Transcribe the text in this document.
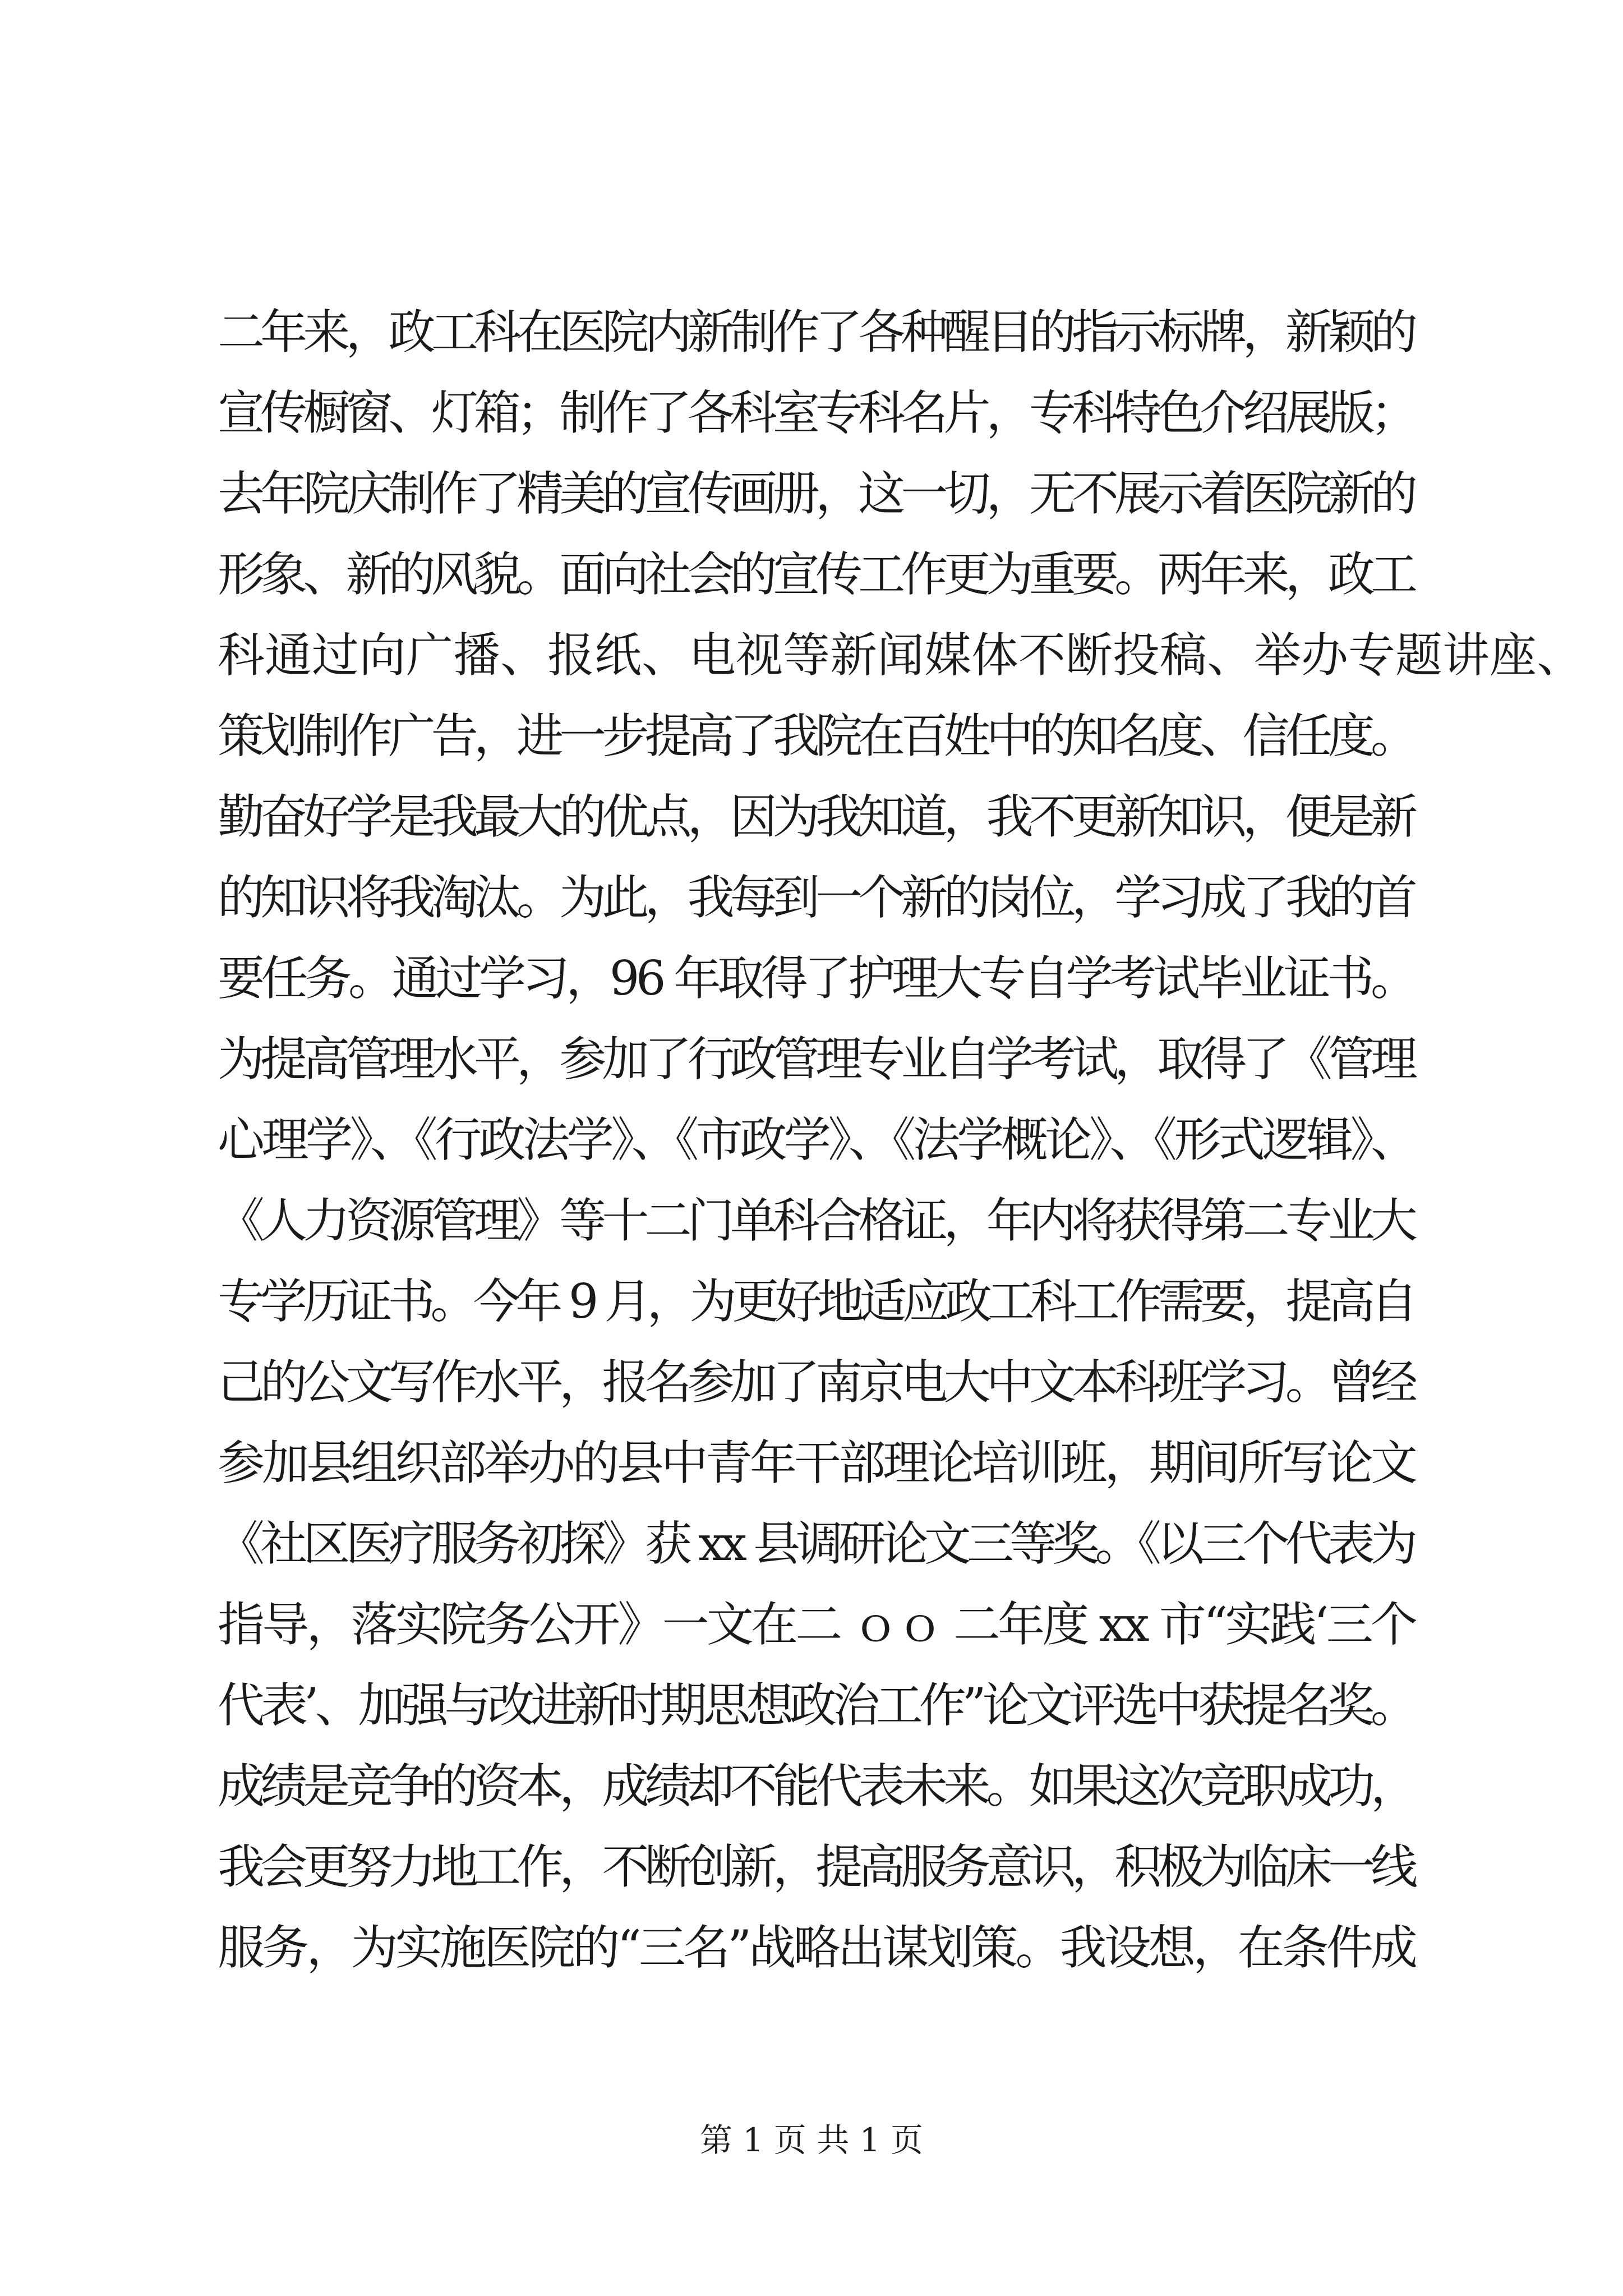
二年来，政工科在医院内新制作了各种醒目的指示标牌，新颖的
宣传橱窗、灯箱；制作了各科室专科名片，专科特色介绍展版；
去年院庆制作了精美的宣传画册，这一切，无不展示着医院新的
形象、新的风貌。面向社会的宣传工作更为重要。两年来，政工
科通过向广播、报纸、电视等新闻媒体不断投稿、举办专题讲座、
策划制作广告，进一步提高了我院在百姓中的知名度、信任度。
勤奋好学是我最大的优点，因为我知道，我不更新知识，便是新
的知识将我淘汰。为此，我每到一个新的岗位，学习成了我的首
要任务。通过学习，96 年取得了护理大专自学考试毕业证书。
为提高管理水平，参加了行政管理专业自学考试，取得了《管理
心理学》、《行政法学》、《市政学》、《法学概论》、《形式逻辑》、
《人力资源管理》等十二门单科合格证，年内将获得第二专业大
专学历证书。今年 9 月，为更好地适应政工科工作需要，提高自
己的公文写作水平，报名参加了南京电大中文本科班学习。曾经
参加县组织部举办的县中青年干部理论培训班，期间所写论文
《社区医疗服务初探》获 xx 县调研论文三等奖。《以三个代表为
指导，落实院务公开》一文在二 ｏｏ 二年度 xx 市“实践‘三个
代表’、加强与改进新时期思想政治工作”论文评选中获提名奖。
成绩是竞争的资本，成绩却不能代表未来。如果这次竞职成功，
我会更努力地工作，不断创新，提高服务意识，积极为临床一线
服务，为实施医院的“三名”战略出谋划策。我设想，在条件成
第 1 页 共 1 页
